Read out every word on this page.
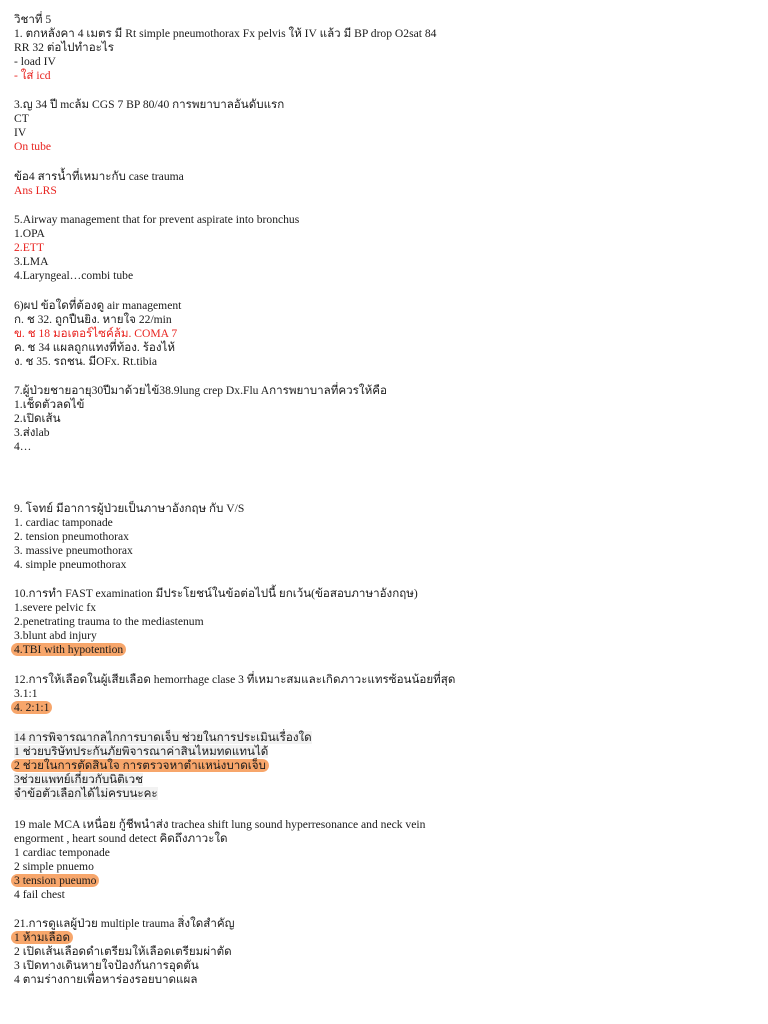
วิชาที่ 5
1. ตกหลังคา 4 เมตร มี Rt simple pneumothorax Fx pelvis ให้ IV แล้ว มี BP drop O2sat 84
RR 32 ต่อไปทำอะไร
- load IV
- ใส่ icd
3.ญ 34 ปี mcล้ม CGS 7 BP 80/40 การพยาบาลอันดับแรก
CT
IV
On tube
ข้อ4 สารน้ำที่เหมาะกับ case trauma
Ans LRS
5.Airway management that for prevent aspirate into bronchus
1.OPA
2.ETT
3.LMA
4.Laryngeal…combi tube
6)ผป ข้อใดที่ต้องดู air management
ก. ช 32. ถูกปืนยิง. หายใจ 22/min
ข. ช 18 มอเตอร์ไซค์ล้ม. COMA 7
ค. ช 34 แผลถูกแทงที่ท้อง. ร้องไห้
ง. ช 35. รถชน. มีOFx. Rt.tibia
7.ผู้ป่วยชายอายุ30ปีมาด้วยไข้38.9lung crep Dx.Flu Aการพยาบาลที่ควรให้คือ
1.เช็ดตัวลดไข้
2.เปิดเส้น
3.ส่งlab
4…
9. โจทย์ มีอาการผู้ป่วยเป็นภาษาอังกฤษ กับ V/S
1. cardiac tamponade
2. tension pneumothorax
3. massive pneumothorax
4. simple pneumothorax
10.การทำ FAST examination มีประโยชน์ในข้อต่อไปนี้ ยกเว้น(ข้อสอบภาษาอังกฤษ)
1.severe pelvic fx
2.penetrating trauma to the mediastenum
3.blunt abd injury
4.TBI with hypotention
12.การให้เลือดในผู้เสียเลือด hemorrhage clase 3 ที่เหมาะสมและเกิดภาวะแทรซ้อนน้อยที่สุด
3.1:1
4. 2:1:1
14 การพิจารณากลไกการบาดเจ็บ ช่วยในการประเมินเรื่องใด
1 ช่วยบริษัทประกันภัยพิจารณาค่าสินไหมทดแทนได้
2 ช่วยในการตัดสินใจ การตรวจหาตำแหน่งบาดเจ็บ
3ช่วยแพทย์เกี่ยวกับนิติเวช
จำข้อตัวเลือกได้ไม่ครบนะคะ
19 male MCA เหนื่อย กู้ชีพนำส่ง trachea shift lung sound hyperresonance and neck vein
engorment , heart sound detect คิดถึงภาวะใด
1 cardiac temponade
2 simple pnuemo
3 tension pueumo
4 fail chest
21.การดูแลผู้ป่วย multiple trauma สิ่งใดสำคัญ
1 ห้ามเลือด
2 เปิดเส้นเลือดดำเตรียมให้เลือดเตรียมผ่าตัด
3 เปิดทางเดินหายใจป้องกันการอุดตัน
4 ตามร่างกายเพื่อหาร่องรอยบาดแผล
